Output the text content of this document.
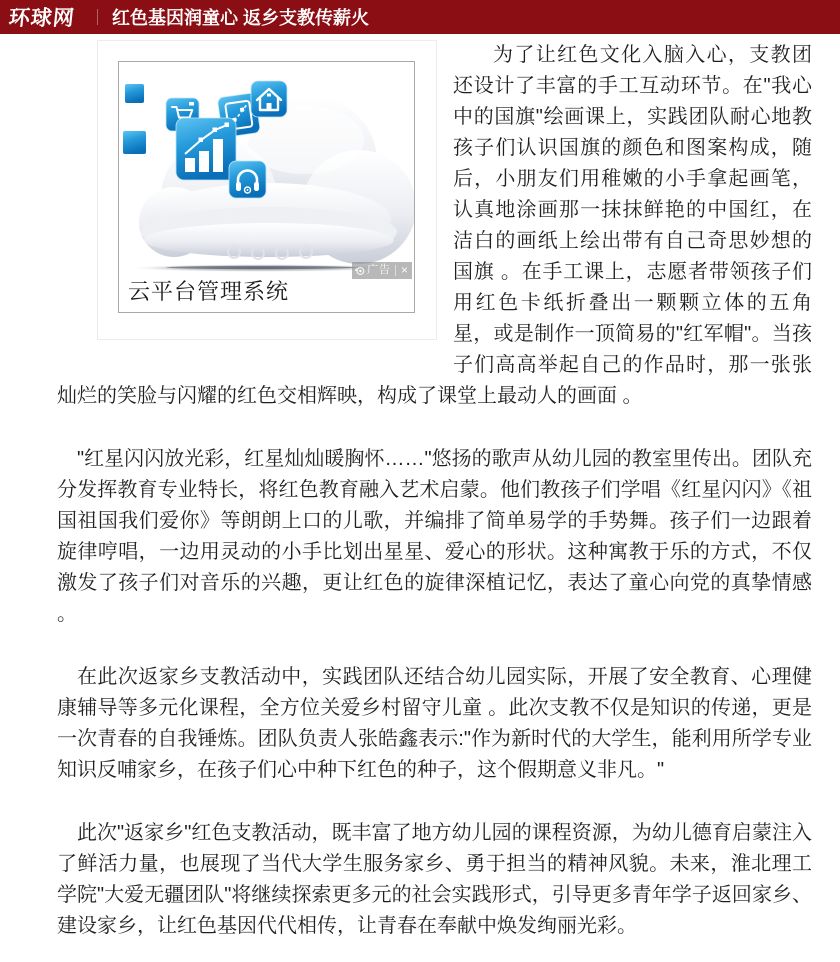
环球网 红色基因润童心 返乡支教传薪火
广告 ×
云平台管理系统

为了让红色文化入脑入心，支教团还设计了丰富的手工互动环节。在"我心中的国旗"绘画课上，实践团队耐心地教孩子们认识国旗的颜色和图案构成，随后，小朋友们用稚嫩的小手拿起画笔，认真地涂画那一抹抹鲜艳的中国红，在洁白的画纸上绘出带有自己奇思妙想的国旗 。在手工课上，志愿者带领孩子们用红色卡纸折叠出一颗颗立体的五角星，或是制作一顶简易的"红军帽"。当孩子们高高举起自己的作品时，那一张张灿烂的笑脸与闪耀的红色交相辉映，构成了课堂上最动人的画面 。

"红星闪闪放光彩，红星灿灿暖胸怀……"悠扬的歌声从幼儿园的教室里传出。团队充分发挥教育专业特长，将红色教育融入艺术启蒙。他们教孩子们学唱《红星闪闪》《祖国祖国我们爱你》等朗朗上口的儿歌，并编排了简单易学的手势舞。孩子们一边跟着旋律哼唱，一边用灵动的小手比划出星星、爱心的形状。这种寓教于乐的方式，不仅激发了孩子们对音乐的兴趣，更让红色的旋律深植记忆，表达了童心向党的真挚情感 。

在此次返家乡支教活动中，实践团队还结合幼儿园实际，开展了安全教育、心理健康辅导等多元化课程，全方位关爱乡村留守儿童 。此次支教不仅是知识的传递，更是一次青春的自我锤炼。团队负责人张皓鑫表示:"作为新时代的大学生，能利用所学专业知识反哺家乡，在孩子们心中种下红色的种子，这个假期意义非凡。"

此次"返家乡"红色支教活动，既丰富了地方幼儿园的课程资源，为幼儿德育启蒙注入了鲜活力量，也展现了当代大学生服务家乡、勇于担当的精神风貌。未来，淮北理工学院"大爱无疆团队"将继续探索更多元的社会实践形式，引导更多青年学子返回家乡、建设家乡，让红色基因代代相传，让青春在奉献中焕发绚丽光彩。
